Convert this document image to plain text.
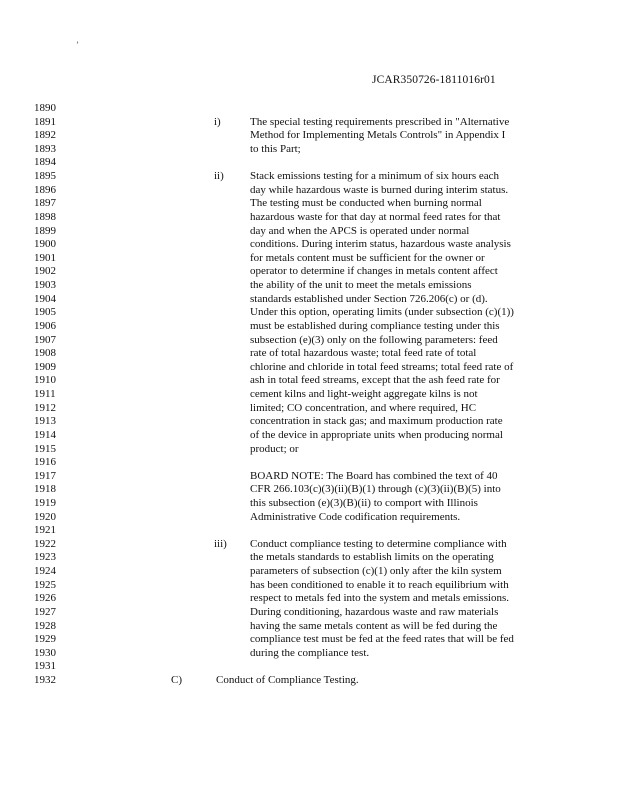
’
JCAR350726-1811016r01
1890
1891	i)	The special testing requirements prescribed in "Alternative
1892	Method for Implementing Metals Controls" in Appendix I
1893	to this Part;
1894
1895	ii) Stack emissions testing for a minimum of six hours each
1896	day while hazardous waste is burned during interim status.
1897	The testing must be conducted when burning normal
1898	hazardous waste for that day at normal feed rates for that
1899	day and when the APCS is operated under normal
1900	conditions. During interim status, hazardous waste analysis
1901	for metals content must be sufficient for the owner or
1902	operator to determine if changes in metals content affect
1903	the ability of the unit to meet the metals emissions
1904	standards established under Section 726.206(c) or (d).
1905	Under this option, operating limits (under subsection (c)(1))
1906	must be established during compliance testing under this
1907	subsection (e)(3) only on the following parameters: feed
1908	rate of total hazardous waste; total feed rate of total
1909	chlorine and chloride in total feed streams; total feed rate of
1910	ash in total feed streams, except that the ash feed rate for
1911	cement kilns and light-weight aggregate kilns is not
1912	limited; CO concentration, and where required, HC
1913	concentration in stack gas; and maximum production rate
1914	of the device in appropriate units when producing normal
1915	product; or
1916
1917	BOARD NOTE: The Board has combined the text of 40
1918	CFR 266.103(c)(3)(ii)(B)(1) through (c)(3)(ii)(B)(5) into
1919	this subsection (e)(3)(B)(ii) to comport with Illinois
1920	Administrative Code codification requirements.
1921
1922	iii) Conduct compliance testing to determine compliance with
1923	the metals standards to establish limits on the operating
1924	parameters of subsection (c)(1) only after the kiln system
1925	has been conditioned to enable it to reach equilibrium with
1926	respect to metals fed into the system and metals emissions.
1927	During conditioning, hazardous waste and raw materials
1928	having the same metals content as will be fed during the
1929	compliance test must be fed at the feed rates that will be fed
1930	during the compliance test.
1931
1932	C)	Conduct of Compliance Testing.
